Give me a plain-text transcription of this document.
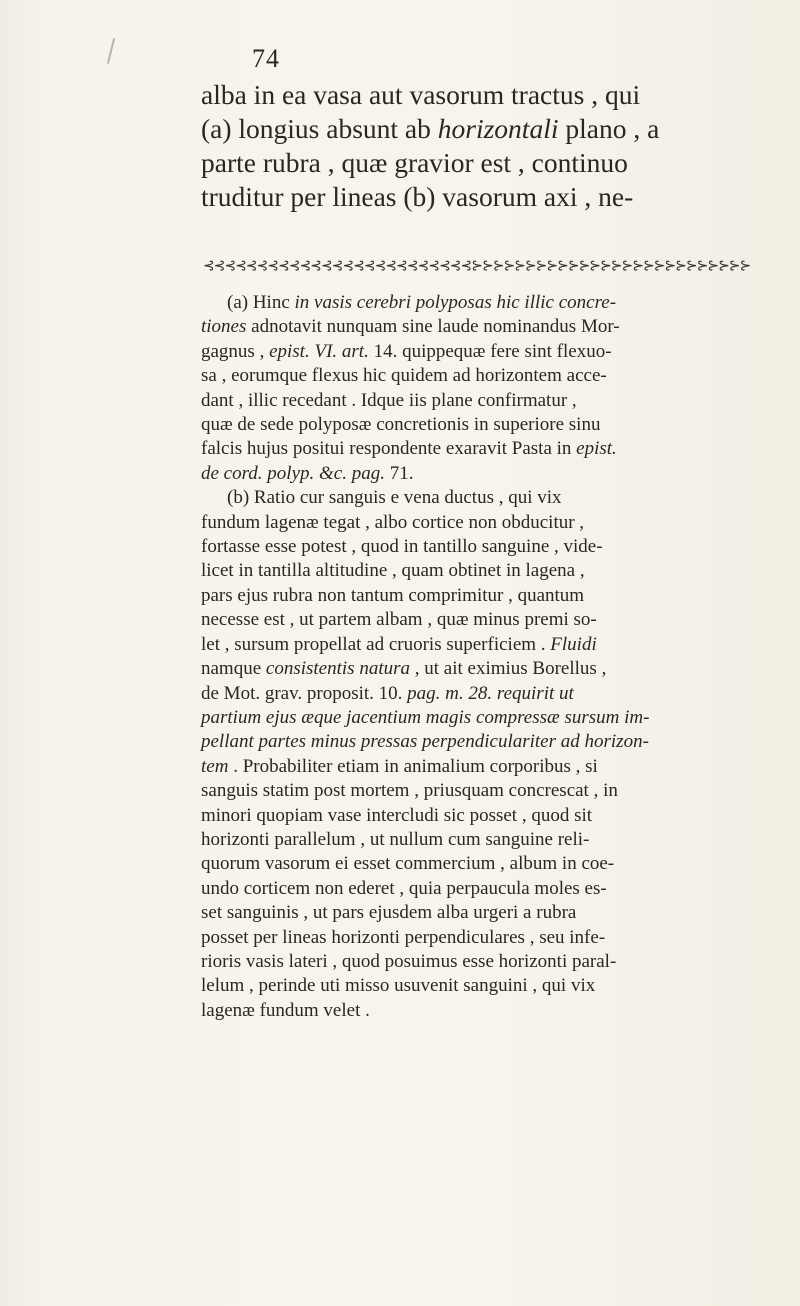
74

alba in ea vasa aut vasorum tractus , qui
(a) longius absunt ab horizontali plano , a
parte rubra , quæ gravior est , continuo
truditur per lineas (b) vasorum axi , ne-

⊰⊰⊰⊰⊰⊰⊰⊰⊰⊰⊰⊰⊰⊰⊰⊰⊰⊰⊰⊰⊰⊰⊰⊰⊰⊱⊱⊱⊱⊱⊱⊱⊱⊱⊱⊱⊱⊱⊱⊱⊱⊱⊱⊱⊱⊱⊱⊱⊱⊱⊱
(a) Hinc in vasis cerebri polyposas hic illic concre-
tiones adnotavit nunquam sine laude nominandus Mor-
gagnus , epist. VI. art. 14. quippequæ fere sint flexuo-
sa , eorumque flexus hic quidem ad horizontem acce-
dant , illic recedant . Idque iis plane confirmatur ,
quæ de sede polyposæ concretionis in superiore sinu
falcis hujus positui respondente exaravit Pasta in epist.
de cord. polyp. &c. pag. 71.
(b) Ratio cur sanguis e vena ductus , qui vix
fundum lagenæ tegat , albo cortice non obducitur ,
fortasse esse potest , quod in tantillo sanguine , vide-
licet in tantilla altitudine , quam obtinet in lagena ,
pars ejus rubra non tantum comprimitur , quantum
necesse est , ut partem albam , quæ minus premi so-
let , sursum propellat ad cruoris superficiem . Fluidi
namque consistentis natura , ut ait eximius Borellus ,
de Mot. grav. proposit. 10. pag. m. 28. requirit ut
partium ejus æque jacentium magis compressæ sursum im-
pellant partes minus pressas perpendiculariter ad horizon-
tem . Probabiliter etiam in animalium corporibus , si
sanguis statim post mortem , priusquam concrescat , in
minori quopiam vase intercludi sic posset , quod sit
horizonti parallelum , ut nullum cum sanguine reli-
quorum vasorum ei esset commercium , album in coe-
undo corticem non ederet , quia perpaucula moles es-
set sanguinis , ut pars ejusdem alba urgeri a rubra
posset per lineas horizonti perpendiculares , seu infe-
rioris vasis lateri , quod posuimus esse horizonti paral-
lelum , perinde uti misso usuvenit sanguini , qui vix
lagenæ fundum velet .
